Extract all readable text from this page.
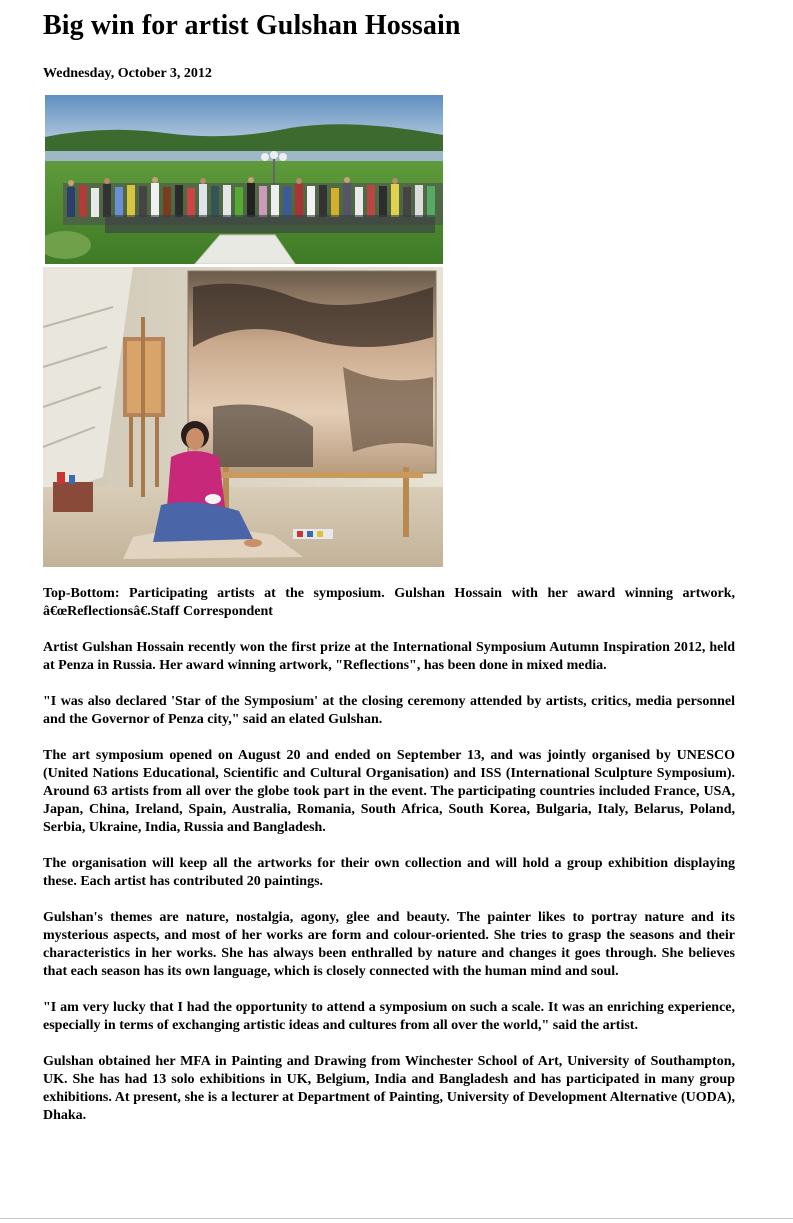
Big win for artist Gulshan Hossain

Wednesday, October 3, 2012

Top-Bottom: Participating artists at the symposium. Gulshan Hossain with her award winning artwork, â€œReflectionsâ€.Staff Correspondent

Artist Gulshan Hossain recently won the first prize at the International Symposium Autumn Inspiration 2012, held at Penza in Russia. Her award winning artwork, "Reflections", has been done in mixed media.

"I was also declared 'Star of the Symposium' at the closing ceremony attended by artists, critics, media personnel and the Governor of Penza city," said an elated Gulshan.

The art symposium opened on August 20 and ended on September 13, and was jointly organised by UNESCO (United Nations Educational, Scientific and Cultural Organisation) and ISS (International Sculpture Symposium). Around 63 artists from all over the globe took part in the event. The participating countries included France, USA, Japan, China, Ireland, Spain, Australia, Romania, South Africa, South Korea, Bulgaria, Italy, Belarus, Poland, Serbia, Ukraine, India, Russia and Bangladesh.

The organisation will keep all the artworks for their own collection and will hold a group exhibition displaying these. Each artist has contributed 20 paintings.

Gulshan's themes are nature, nostalgia, agony, glee and beauty. The painter likes to portray nature and its mysterious aspects, and most of her works are form and colour-oriented. She tries to grasp the seasons and their characteristics in her works. She has always been enthralled by nature and changes it goes through. She believes that each season has its own language, which is closely connected with the human mind and soul.

"I am very lucky that I had the opportunity to attend a symposium on such a scale. It was an enriching experience, especially in terms of exchanging artistic ideas and cultures from all over the world," said the artist.

Gulshan obtained her MFA in Painting and Drawing from Winchester School of Art, University of Southampton, UK. She has had 13 solo exhibitions in UK, Belgium, India and Bangladesh and has participated in many group exhibitions. At present, she is a lecturer at Department of Painting, University of Development Alternative (UODA), Dhaka.
